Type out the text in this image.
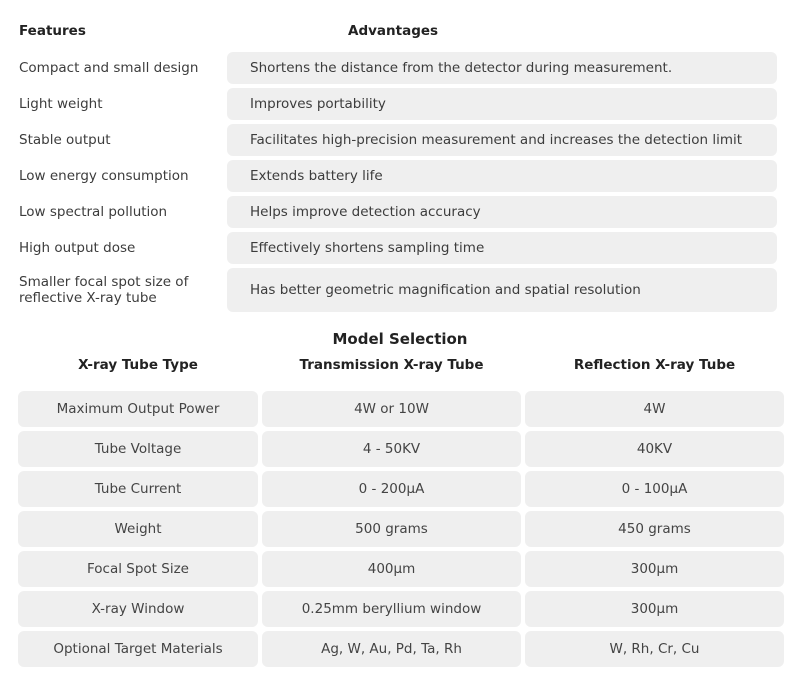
Features	Advantages
Compact and small design	Shortens the distance from the detector during measurement.
Light weight	Improves portability
Stable output	Facilitates high-precision measurement and increases the detection limit
Low energy consumption	Extends battery life
Low spectral pollution	Helps improve detection accuracy
High output dose	Effectively shortens sampling time
Smaller focal spot size of reflective X-ray tube	Has better geometric magnification and spatial resolution
Model Selection
X-ray Tube Type	Transmission X-ray Tube	Reflection X-ray Tube
Maximum Output Power	4W or 10W	4W
Tube Voltage	4 - 50KV	40KV
Tube Current	0 - 200μA	0 - 100μA
Weight	500 grams	450 grams
Focal Spot Size	400μm	300μm
X-ray Window	0.25mm beryllium window	300μm
Optional Target Materials	Ag, W, Au, Pd, Ta, Rh	W, Rh, Cr, Cu
